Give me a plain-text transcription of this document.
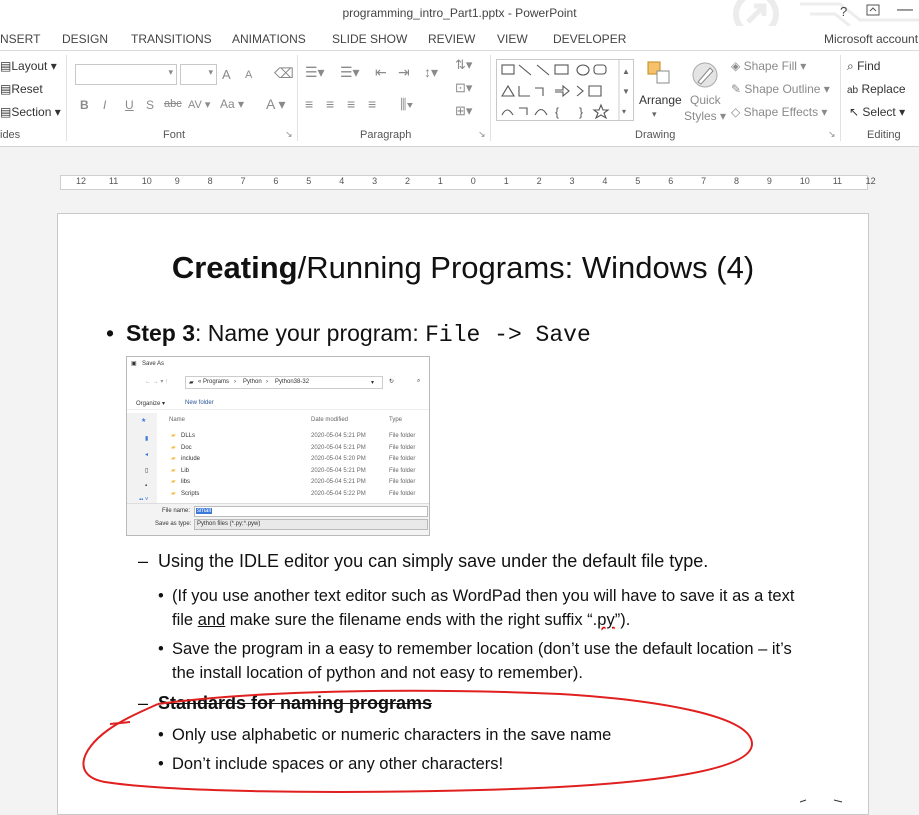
programming_intro_Part1.pptx - PowerPoint	?	—
NSERT DESIGN TRANSITIONS ANIMATIONS SLIDE SHOW REVIEW VIEW DEVELOPER	Microsoft account
▤Layout ▾
▤Reset
▤Section ▾
ides
▾	▾ A A ⌫
B I U S abc AV ▾ Aa ▾ A ▾
Font	↘
☰▾ ☰▾ ⇤ ⇥ ↕▾ ⇅▾
⊡▾
⊞▾
≡ ≡ ≡ ≡ ⫼▾
Paragraph	↘
{ }
▲
▼
▾
Arrange
▾
Quick
Styles ▾
◈ Shape Fill ▾
✎ Shape Outline ▾
◇ Shape Effects ▾
Drawing	↘
⌕ Find
ab Replace
↖ Select ▾
Editing
12	11	10	9	8	7	6	5	4	3	2	1	0	1	2	3	4	5	6	7	8	9	10	11	12
Creating/Running Programs: Windows (4)
• Step 3: Name your program: File -> Save
▣ Save As
← → ▾ ↑	▰ « Programs › Python › Python38-32	▾ ↻	⌕
Organize ▾	New folder
★
▮
◂
▯
▪
▪▪ ˅
Name	Date modified	Type
▰ DLLs	2020-05-04 5:21 PM	File folder
▰ Doc	2020-05-04 5:21 PM	File folder
▰ include	2020-05-04 5:20 PM	File folder
▰ Lib	2020-05-04 5:21 PM	File folder
▰ libs	2020-05-04 5:21 PM	File folder
▰ Scripts	2020-05-04 5:22 PM	File folder
File name: small
Save as type: Python files (*.py;*.pyw)
– Using the IDLE editor you can simply save under the default file type.
• (If you use another text editor such as WordPad then you will have to save it as a text file and make sure the filename ends with the right suffix “.py”).
• Save the program in a easy to remember location (don’t use the default location – it’s the install location of python and not easy to remember).
– Standards for naming programs
• Only use alphabetic or numeric characters in the save name
• Don’t include spaces or any other characters!
